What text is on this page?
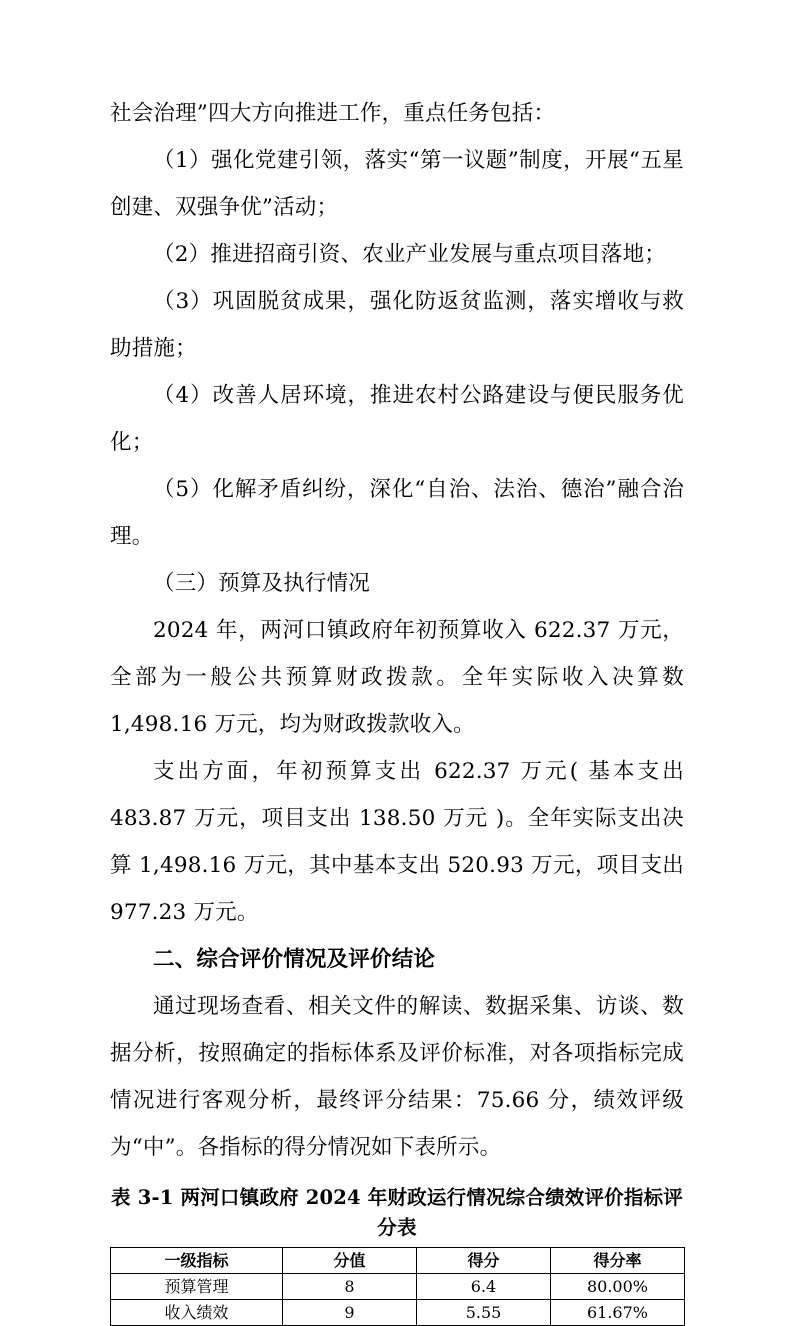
社会治理”四大方向推进工作，重点任务包括：

（1）强化党建引领，落实“第一议题”制度，开展“五星创建、双强争优”活动；

（2）推进招商引资、农业产业发展与重点项目落地；

（3）巩固脱贫成果，强化防返贫监测，落实增收与救助措施；

（4）改善人居环境，推进农村公路建设与便民服务优化；

（5）化解矛盾纠纷，深化“自治、法治、德治”融合治理。

（三）预算及执行情况

2024 年，两河口镇政府年初预算收入 622.37 万元，全部为一般公共预算财政拨款。全年实际收入决算数 1,498.16 万元，均为财政拨款收入。

支出方面，年初预算支出 622.37 万元( 基本支出 483.87 万元，项目支出 138.50 万元 )。全年实际支出决算 1,498.16 万元，其中基本支出 520.93 万元，项目支出 977.23 万元。

二、综合评价情况及评价结论

通过现场查看、相关文件的解读、数据采集、访谈、数据分析，按照确定的指标体系及评价标准，对各项指标完成情况进行客观分析，最终评分结果：75.66 分，绩效评级为“中”。各指标的得分情况如下表所示。

表 3-1 两河口镇政府 2024 年财政运行情况综合绩效评价指标评分表
一级指标	分值	得分	得分率
预算管理	8	6.4	80.00%
收入绩效	9	5.55	61.67%
